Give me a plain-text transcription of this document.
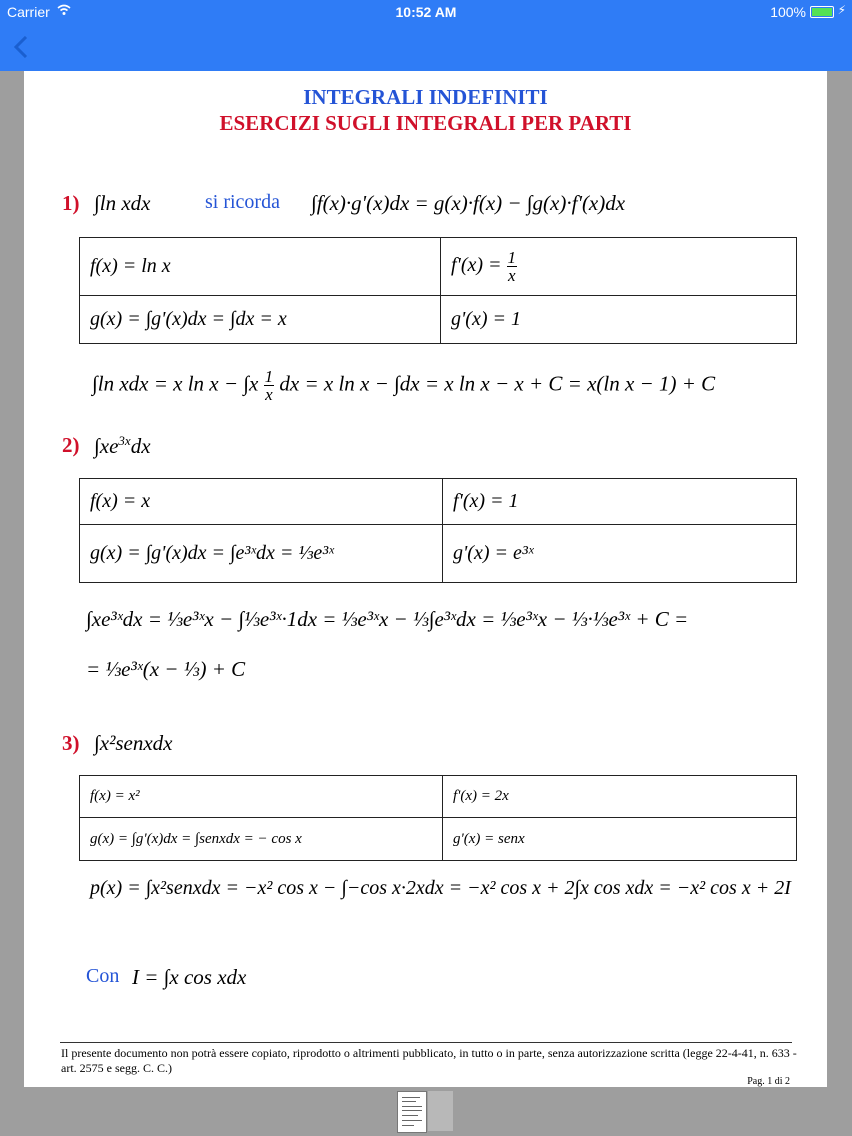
Carrier	10:52 AM	100%	⚡
INTEGRALI INDEFINITI
ESERCIZI SUGLI INTEGRALI PER PARTI
1) ∫ln xdx	si ricorda ∫f(x)·g'(x)dx = g(x)·f(x) − ∫g(x)·f'(x)dx
f(x) = ln x	$f'(x) = \frac{1}{x}$

g(x) = ∫g'(x)dx = ∫dx = x	g'(x) = 1
∫ln xdx = x $\ln x - \int x \frac{1}{x}$ dx = x ln x − ∫dx = x ln x − x + C = x(ln x − 1) + C
2) $\int xe^{3x}dx$
f(x) = x	f'(x) = 1
g(x) = ∫g'(x)dx = ∫e³ˣdx = ⅓e³ˣ	g'(x) = e³ˣ
∫xe³ˣdx = ⅓e³ˣx − ∫⅓e³ˣ·1dx = ⅓e³ˣx − ⅓∫e³ˣdx = ⅓e³ˣx − ⅓·⅓e³ˣ + C =
= ⅓e³ˣ(x − ⅓) + C
3) ∫x²senxdx
f(x) = x²	f'(x) = 2x
g(x) = ∫g'(x)dx = ∫senxdx = − cos x	g'(x) = senx
p(x) = ∫x²senxdx = −x² cos x − ∫−cos x·2xdx = −x² cos x + 2∫x cos xdx = −x² cos x + 2I
Con I = ∫x cos xdx
Il presente documento non potrà essere copiato, riprodotto o altrimenti pubblicato, in tutto o in parte, senza autorizzazione scritta (legge 22-4-41, n. 633 - art. 2575 e segg. C. C.)
Pag. 1 di 2
